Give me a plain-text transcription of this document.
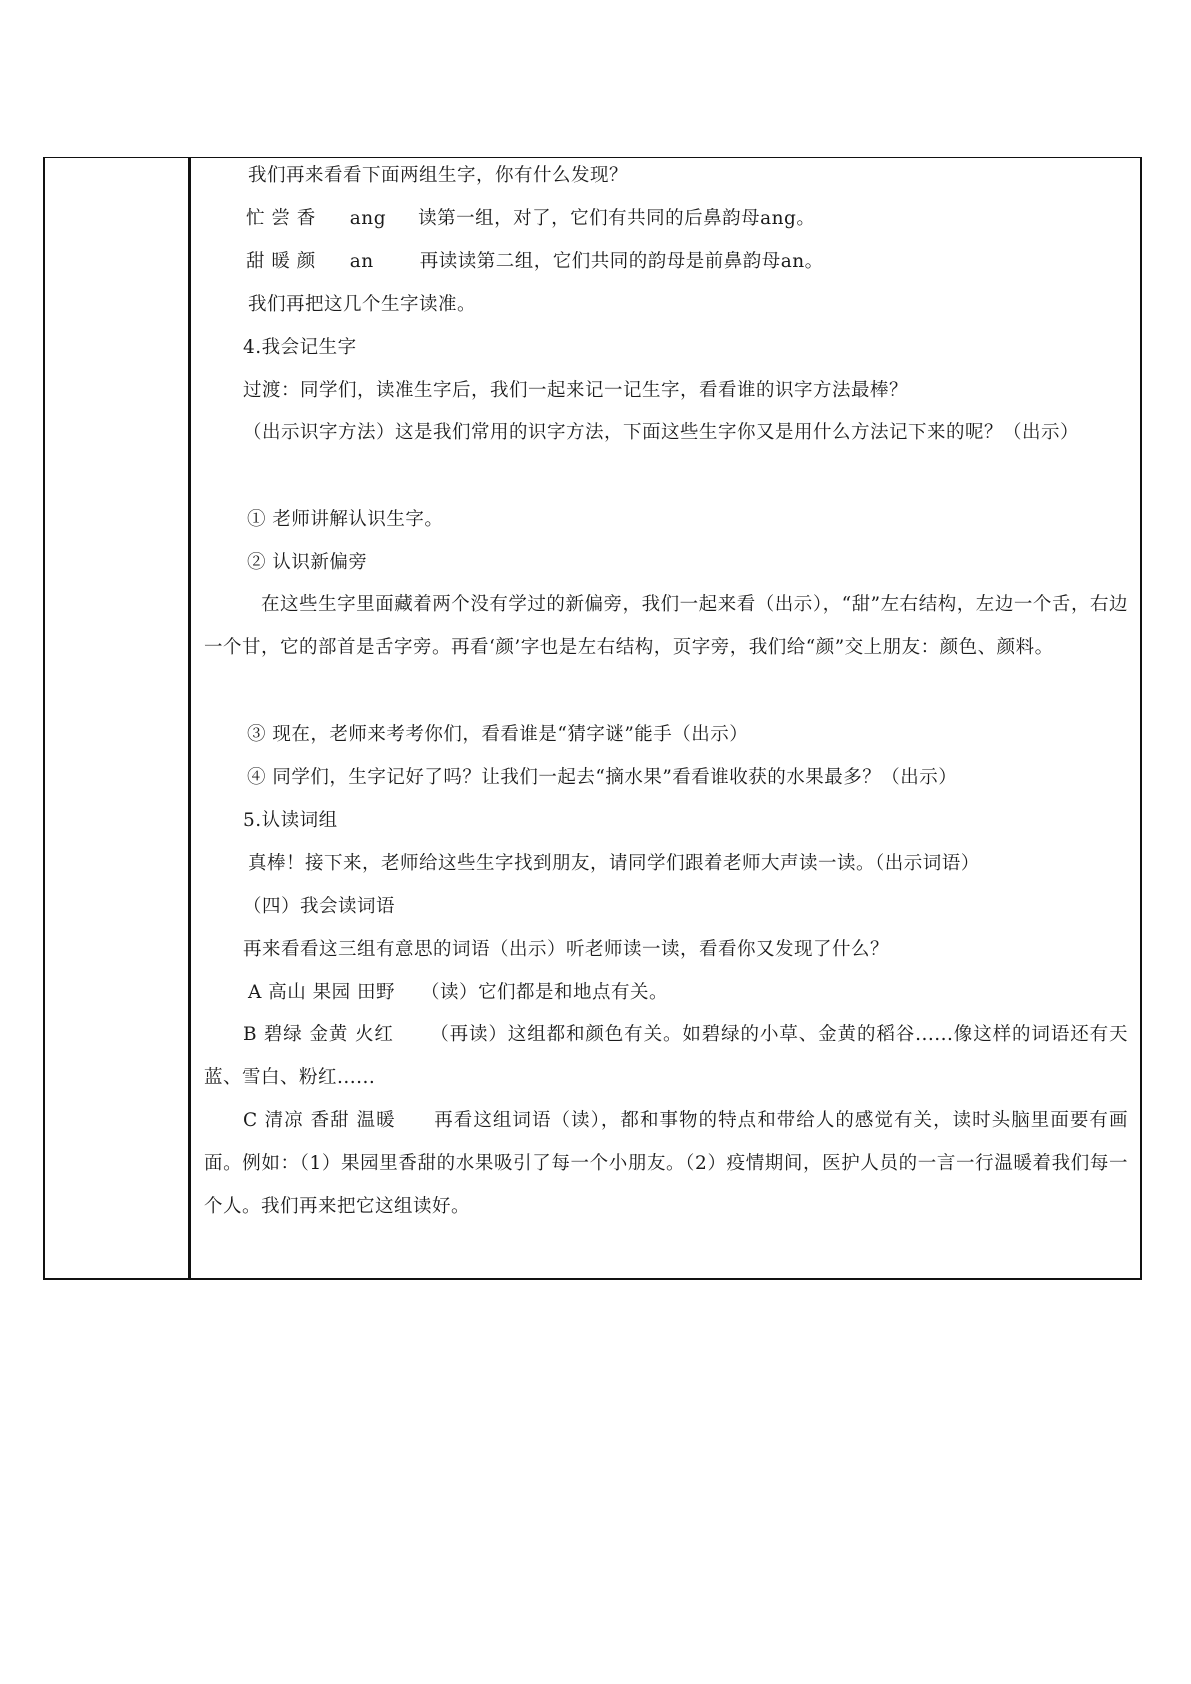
我们再来看看下面两组生字，你有什么发现？
忙 尝 香 ang 读第一组，对了，它们有共同的后鼻韵母ang。
甜 暖 颜 an 再读读第二组，它们共同的韵母是前鼻韵母an。
我们再把这几个生字读准。
4.我会记生字
过渡：同学们，读准生字后，我们一起来记一记生字，看看谁的识字方法最棒？
（出示识字方法）这是我们常用的识字方法，下面这些生字你又是用什么方法记下来的呢？（出示）
① 老师讲解认识生字。
② 认识新偏旁
在这些生字里面藏着两个没有学过的新偏旁，我们一起来看（出示），“甜”左右结构，左边一个舌，右边一个甘，它的部首是舌字旁。再看‘颜’字也是左右结构，页字旁，我们给“颜”交上朋友：颜色、颜料。
③ 现在，老师来考考你们，看看谁是“猜字谜”能手（出示）
④ 同学们，生字记好了吗？让我们一起去“摘水果”看看谁收获的水果最多？（出示）
5.认读词组
真棒！接下来，老师给这些生字找到朋友，请同学们跟着老师大声读一读。（出示词语）
（四）我会读词语
再来看看这三组有意思的词语（出示）听老师读一读，看看你又发现了什么？
A 高山 果园 田野 （读）它们都是和地点有关。
B 碧绿 金黄 火红 （再读）这组都和颜色有关。如碧绿的小草、金黄的稻谷......像这样的词语还有天蓝、雪白、粉红......
C 清凉 香甜 温暖 再看这组词语（读），都和事物的特点和带给人的感觉有关，读时头脑里面要有画面。例如：（1）果园里香甜的水果吸引了每一个小朋友。（2）疫情期间，医护人员的一言一行温暖着我们每一个人。我们再来把它这组读好。
